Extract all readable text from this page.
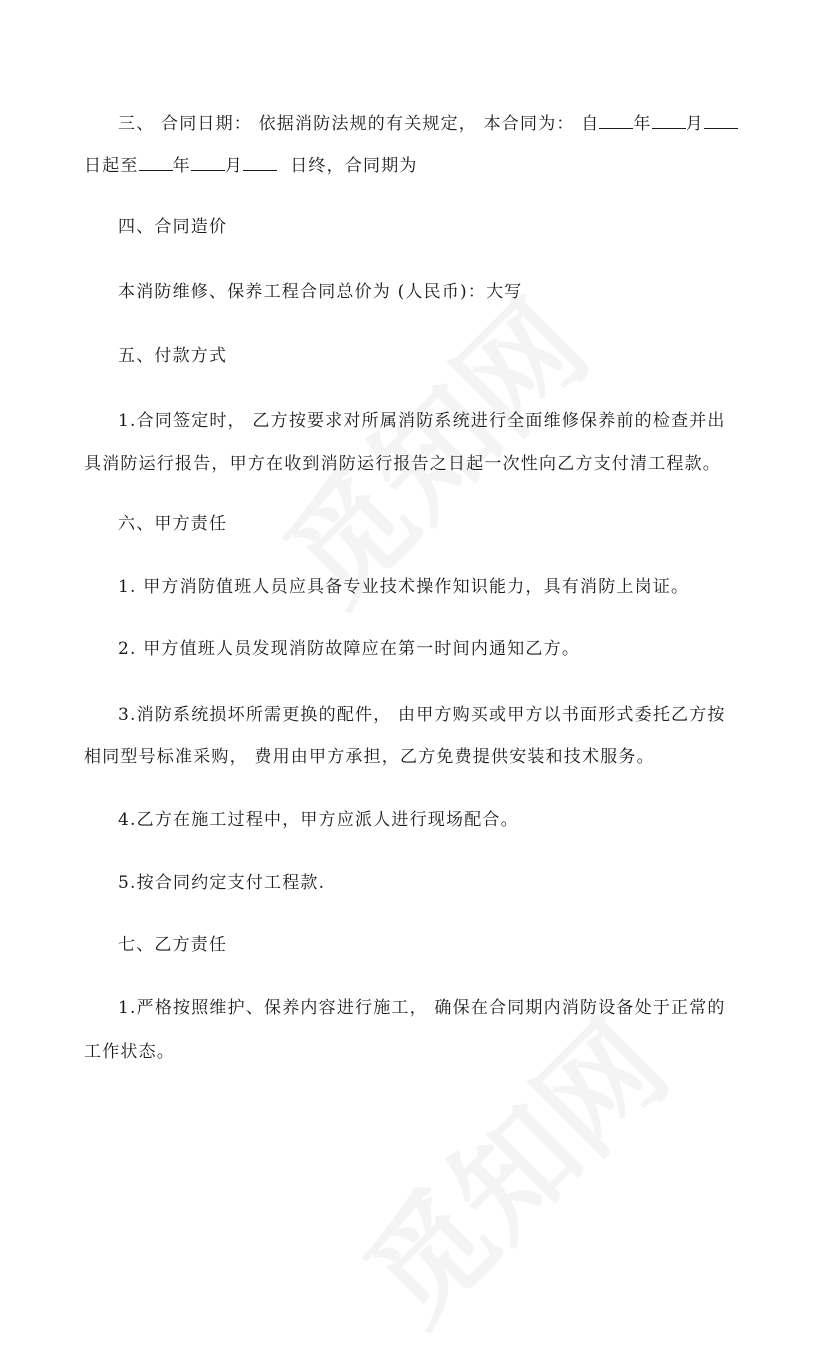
三、 合同日期： 依据消防法规的有关规定， 本合同为： 自 年 月
日起至 年 月	日终，合同期为
四、合同造价
本消防维修、保养工程合同总价为 (人民币)：大写
五、付款方式
1.合同签定时， 乙方按要求对所属消防系统进行全面维修保养前的检查并出
具消防运行报告，甲方在收到消防运行报告之日起一次性向乙方支付清工程款。
六、甲方责任
1. 甲方消防值班人员应具备专业技术操作知识能力，具有消防上岗证。
2. 甲方值班人员发现消防故障应在第一时间内通知乙方。
3.消防系统损坏所需更换的配件， 由甲方购买或甲方以书面形式委托乙方按
相同型号标准采购， 费用由甲方承担，乙方免费提供安装和技术服务。
4.乙方在施工过程中，甲方应派人进行现场配合。
5.按合同约定支付工程款.
七、乙方责任
1.严格按照维护、保养内容进行施工， 确保在合同期内消防设备处于正常的
工作状态。
